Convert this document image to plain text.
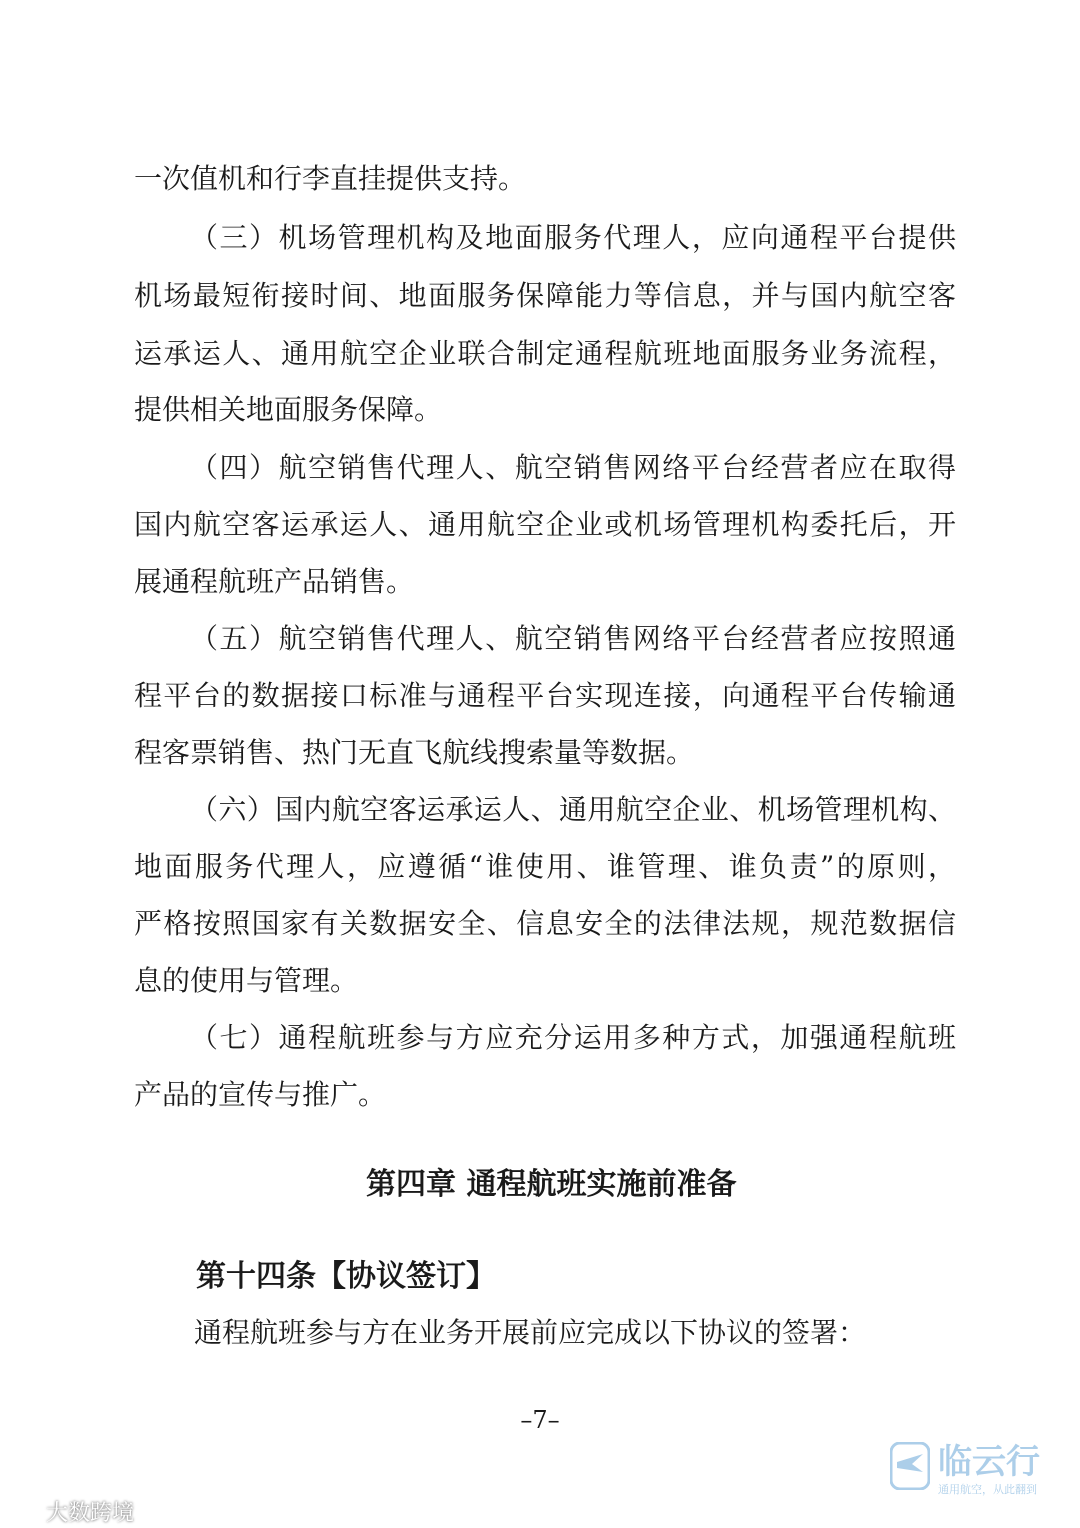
一次值机和行李直挂提供支持。
（三）机场管理机构及地面服务代理人，应向通程平台提供
机场最短衔接时间、地面服务保障能力等信息，并与国内航空客
运承运人、通用航空企业联合制定通程航班地面服务业务流程，
提供相关地面服务保障。
（四）航空销售代理人、航空销售网络平台经营者应在取得
国内航空客运承运人、通用航空企业或机场管理机构委托后，开
展通程航班产品销售。
（五）航空销售代理人、航空销售网络平台经营者应按照通
程平台的数据接口标准与通程平台实现连接，向通程平台传输通
程客票销售、热门无直飞航线搜索量等数据。
（六）国内航空客运承运人、通用航空企业、机场管理机构、
地面服务代理人，应遵循“谁使用、谁管理、谁负责”的原则，
严格按照国家有关数据安全、信息安全的法律法规，规范数据信
息的使用与管理。
（七）通程航班参与方应充分运用多种方式，加强通程航班
产品的宣传与推广。
第四章 通程航班实施前准备
第十四条【协议签订】
通程航班参与方在业务开展前应完成以下协议的签署：
–7–
大数跨境
临云行
通用航空，从此翻到
